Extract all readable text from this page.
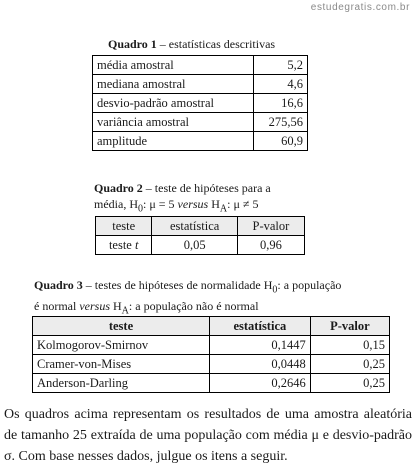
estudegratis.com.br
Quadro 1 – estatísticas descritivas
média amostral	5,2
mediana amostral	4,6
desvio-padrão amostral	16,6
variância amostral	275,56
amplitude	60,9
Quadro 2 – teste de hipóteses para a
média, $H_0$: μ = 5 versus $H_A$: μ ≠ 5
teste	estatística	P-valor
teste t	0,05	0,96
Quadro 3 – testes de hipóteses de normalidade $H_0$: a população
é normal versus $H_A$: a população não é normal
teste	estatística	P-valor
Kolmogorov-Smirnov	0,1447	0,15
Cramer-von-Mises	0,0448	0,25
Anderson-Darling	0,2646	0,25
Os quadros acima representam os resultados de uma amostra aleatória de tamanho 25 extraída de uma população com média μ e desvio-padrão σ. Com base nesses dados, julgue os itens a seguir.
